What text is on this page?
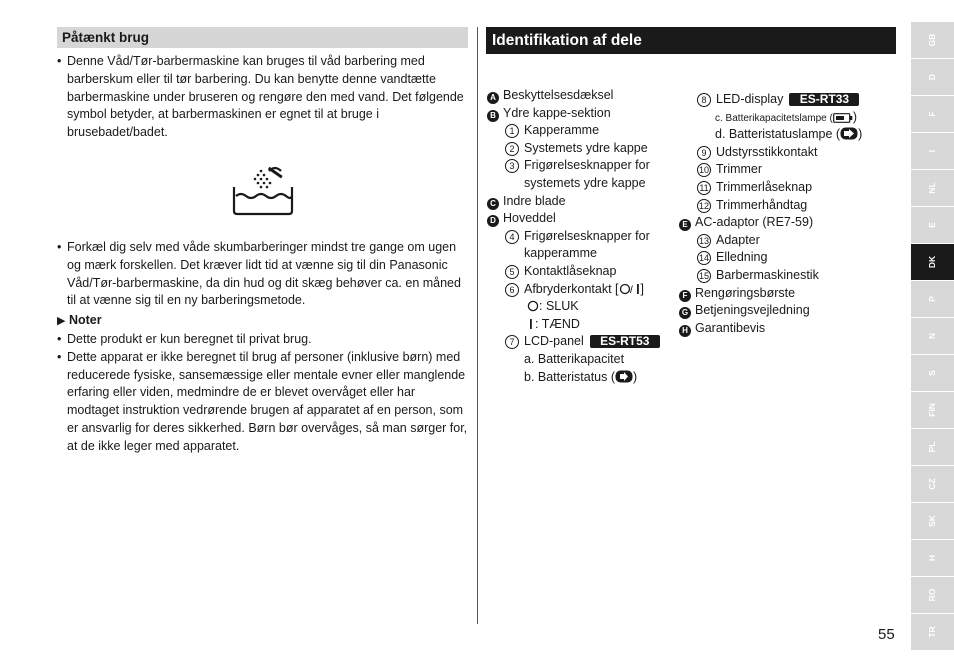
Påtænkt brug
• Denne Våd/Tør-barbermaskine kan bruges til våd barbering med barberskum eller til tør barbering. Du kan benytte denne vandtætte barbermaskine under bruseren og rengøre den med vand. Det følgende symbol betyder, at barbermaskinen er egnet til at bruge i brusebadet/badet.
• Forkæl dig selv med våde skumbarberinger mindst tre gange om ugen og mærk forskellen. Det kræver lidt tid at vænne sig til din Panasonic Våd/Tør-barbermaskine, da din hud og dit skæg behøver ca. en måned til at vænne sig til en ny barberingsmetode.
▶ Noter
• Dette produkt er kun beregnet til privat brug.
• Dette apparat er ikke beregnet til brug af personer (inklusive børn) med reducerede fysiske, sansemæssige eller mentale evner eller manglende erfaring eller viden, medmindre de er blevet overvåget eller har modtaget instruktion vedrørende brugen af apparatet af en person, som er ansvarlig for deres sikkerhed. Børn bør overvåges, så man sørger for, at de ikke leger med apparatet.
Identifikation af dele
A Beskyttelsesdæksel
B Ydre kappe-sektion
1 Kapperamme
2 Systemets ydre kappe
3 Frigørelsesknapper for
systemets ydre kappe
C Indre blade
D Hoveddel
4 Frigørelsesknapper for
kapperamme
5 Kontaktlåseknap
6 Afbryderkontakt [ / ]
: SLUK
: TÆND
7 LCD-panel ES-RT53
a. Batterikapacitet
b. Batteristatus ( )
8 LED-display ES-RT33
c. Batterikapacitetslampe ( )
d. Batteristatuslampe ( )
9 Udstyrsstikkontakt
10 Trimmer
11 Trimmerlåseknap
12 Trimmerhåndtag
E AC-adaptor (RE7-59)
13 Adapter
14 Elledning
15 Barbermaskinestik
F Rengøringsbørste
G Betjeningsvejledning
H Garantibevis
GB
D
F
I
NL
E
DK
P
N
S
FIN
PL
CZ
SK
H
RO
TR
55
